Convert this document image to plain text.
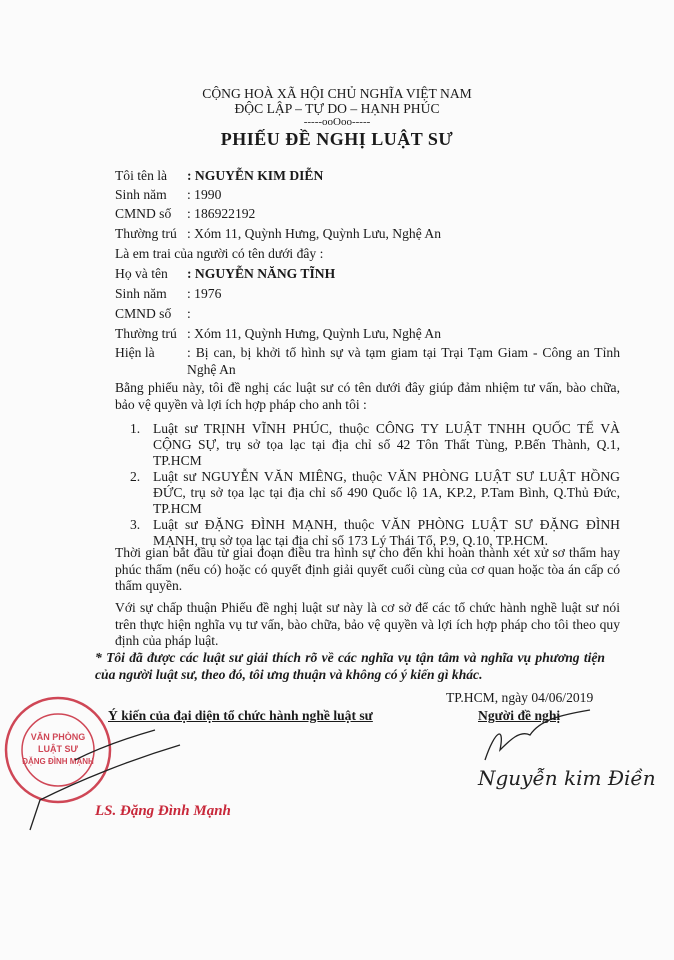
CỘNG HOÀ XÃ HỘI CHỦ NGHĨA VIỆT NAM
ĐỘC LẬP – TỰ DO – HẠNH PHÚC
-----ooOoo-----
PHIẾU ĐỀ NGHỊ LUẬT SƯ
Tôi tên là : NGUYỄN KIM DIỄN
Sinh năm : 1990
CMND số : 186922192
Thường trú : Xóm 11, Quỳnh Hưng, Quỳnh Lưu, Nghệ An
Là em trai của người có tên dưới đây :
Họ và tên : NGUYỄN NĂNG TĨNH
Sinh năm : 1976
CMND số :
Thường trú : Xóm 11, Quỳnh Hưng, Quỳnh Lưu, Nghệ An
Hiện là	: Bị can, bị khởi tố hình sự và tạm giam tại Trại Tạm Giam - Công an Tỉnh Nghệ An
Bằng phiếu này, tôi đề nghị các luật sư có tên dưới đây giúp đảm nhiệm tư vấn, bào chữa, bảo vệ quyền và lợi ích hợp pháp cho anh tôi :
1. Luật sư TRỊNH VĨNH PHÚC, thuộc CÔNG TY LUẬT TNHH QUỐC TẾ VÀ CỘNG SỰ, trụ sở tọa lạc tại địa chỉ số 42 Tôn Thất Tùng, P.Bến Thành, Q.1, TP.HCM
2. Luật sư NGUYỄN VĂN MIÊNG, thuộc VĂN PHÒNG LUẬT SƯ LUẬT HỒNG ĐỨC, trụ sở tọa lạc tại địa chỉ số 490 Quốc lộ 1A, KP.2, P.Tam Bình, Q.Thủ Đức, TP.HCM
3. Luật sư ĐẶNG ĐÌNH MẠNH, thuộc VĂN PHÒNG LUẬT SƯ ĐẶNG ĐÌNH MẠNH, trụ sở tọa lạc tại địa chỉ số 173 Lý Thái Tổ, P.9, Q.10, TP.HCM.
Thời gian bắt đầu từ giai đoạn điều tra hình sự cho đến khi hoàn thành xét xử sơ thẩm hay phúc thẩm (nếu có) hoặc có quyết định giải quyết cuối cùng của cơ quan hoặc tòa án cấp có thẩm quyền.
Với sự chấp thuận Phiếu đề nghị luật sư này là cơ sở để các tổ chức hành nghề luật sư nói trên thực hiện nghĩa vụ tư vấn, bào chữa, bảo vệ quyền và lợi ích hợp pháp cho tôi theo quy định của pháp luật.
* Tôi đã được các luật sư giải thích rõ về các nghĩa vụ tận tâm và nghĩa vụ phương tiện của người luật sư, theo đó, tôi ưng thuận và không có ý kiến gì khác.
TP.HCM, ngày 04/06/2019
Ý kiến của đại diện tổ chức hành nghề luật sư	Người đề nghị
VĂN PHÒNG
LUẬT SƯ
ĐẶNG ĐÌNH MẠNH
LS. Đặng Đình Mạnh
Nguyễn kim Điền
